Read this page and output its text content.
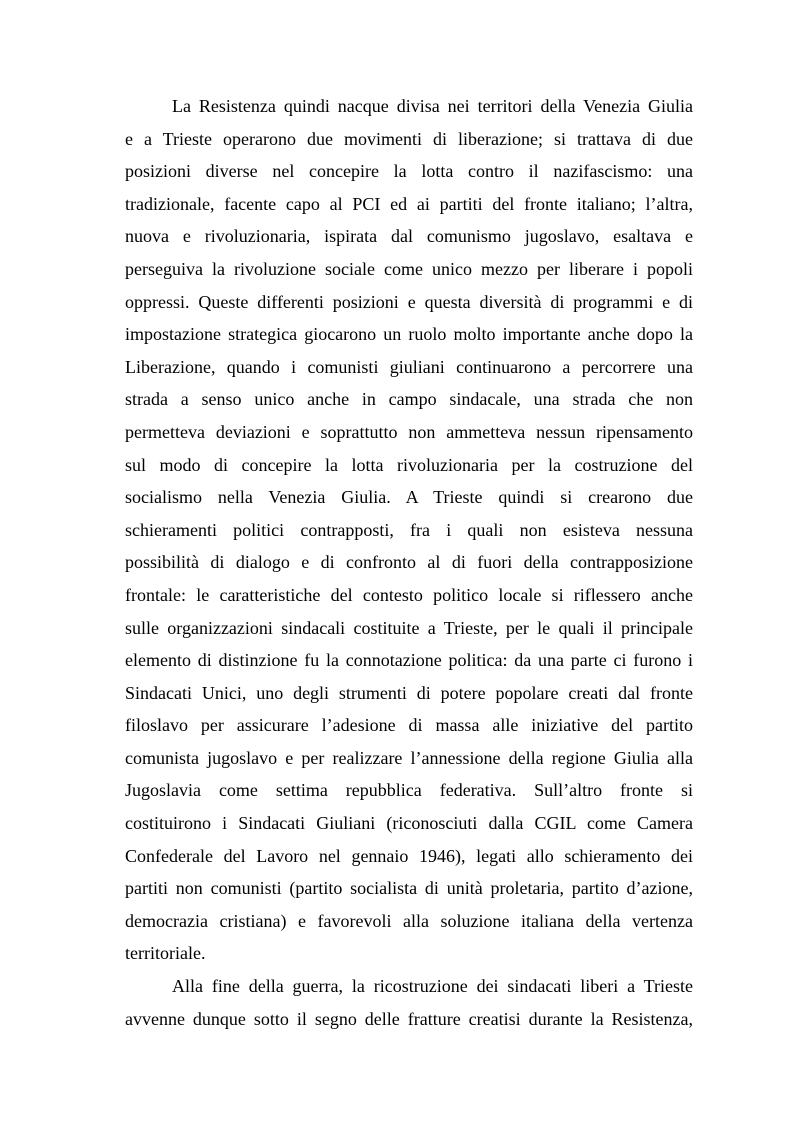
La Resistenza quindi nacque divisa nei territori della Venezia Giulia
e a Trieste operarono due movimenti di liberazione; si trattava di due
posizioni diverse nel concepire la lotta contro il nazifascismo: una
tradizionale, facente capo al PCI ed ai partiti del fronte italiano; l’altra,
nuova e rivoluzionaria, ispirata dal comunismo jugoslavo, esaltava e
perseguiva la rivoluzione sociale come unico mezzo per liberare i popoli
oppressi. Queste differenti posizioni e questa diversità di programmi e di
impostazione strategica giocarono un ruolo molto importante anche dopo la
Liberazione, quando i comunisti giuliani continuarono a percorrere una
strada a senso unico anche in campo sindacale, una strada che non
permetteva deviazioni e soprattutto non ammetteva nessun ripensamento
sul modo di concepire la lotta rivoluzionaria per la costruzione del
socialismo nella Venezia Giulia. A Trieste quindi si crearono due
schieramenti politici contrapposti, fra i quali non esisteva nessuna
possibilità di dialogo e di confronto al di fuori della contrapposizione
frontale: le caratteristiche del contesto politico locale si riflessero anche
sulle organizzazioni sindacali costituite a Trieste, per le quali il principale
elemento di distinzione fu la connotazione politica: da una parte ci furono i
Sindacati Unici, uno degli strumenti di potere popolare creati dal fronte
filoslavo per assicurare l’adesione di massa alle iniziative del partito
comunista jugoslavo e per realizzare l’annessione della regione Giulia alla
Jugoslavia come settima repubblica federativa. Sull’altro fronte si
costituirono i Sindacati Giuliani (riconosciuti dalla CGIL come Camera
Confederale del Lavoro nel gennaio 1946), legati allo schieramento dei
partiti non comunisti (partito socialista di unità proletaria, partito d’azione,
democrazia cristiana) e favorevoli alla soluzione italiana della vertenza
territoriale.
Alla fine della guerra, la ricostruzione dei sindacati liberi a Trieste
avvenne dunque sotto il segno delle fratture creatisi durante la Resistenza,
